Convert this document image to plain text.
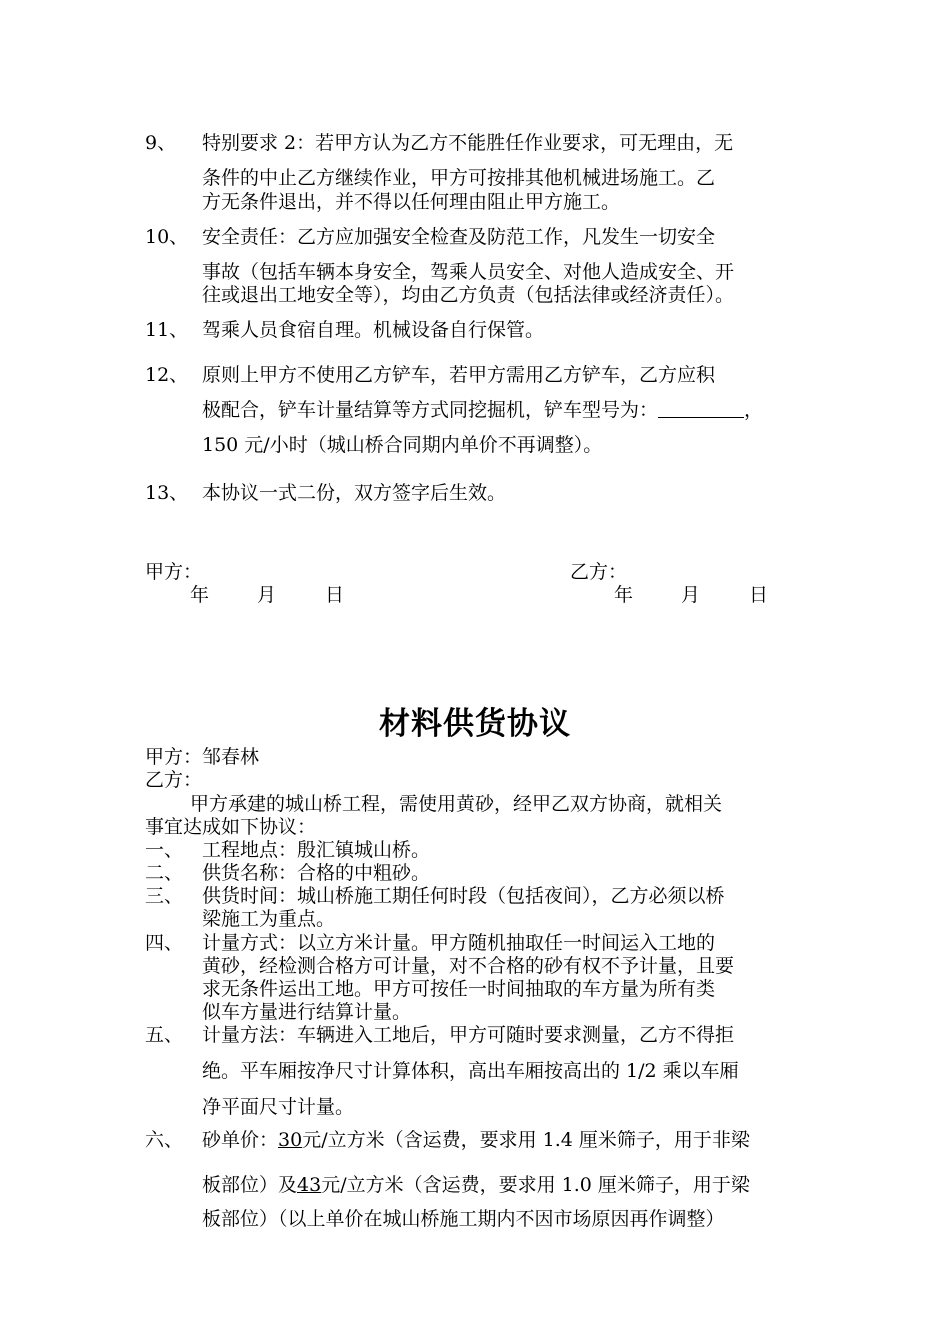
9、 特别要求 2：若甲方认为乙方不能胜任作业要求，可无理由，无
条件的中止乙方继续作业，甲方可按排其他机械进场施工。乙
方无条件退出，并不得以任何理由阻止甲方施工。
10、 安全责任：乙方应加强安全检查及防范工作，凡发生一切安全
事故（包括车辆本身安全，驾乘人员安全、对他人造成安全、开
往或退出工地安全等），均由乙方负责（包括法律或经济责任）。
11、 驾乘人员食宿自理。机械设备自行保管。
12、 原则上甲方不使用乙方铲车，若甲方需用乙方铲车，乙方应积
极配合，铲车计量结算等方式同挖掘机，铲车型号为：	，
150 元/小时（城山桥合同期内单价不再调整）。
13、 本协议一式二份，双方签字后生效。
甲方：
年	月	日
乙方：
年	月	日
材料供货协议
甲方：邹春林
乙方：
甲方承建的城山桥工程，需使用黄砂，经甲乙双方协商，就相关
事宜达成如下协议：
一、 工程地点：殷汇镇城山桥。
二、 供货名称：合格的中粗砂。
三、 供货时间：城山桥施工期任何时段（包括夜间），乙方必须以桥
梁施工为重点。
四、 计量方式：以立方米计量。甲方随机抽取任一时间运入工地的
黄砂，经检测合格方可计量，对不合格的砂有权不予计量，且要
求无条件运出工地。甲方可按任一时间抽取的车方量为所有类
似车方量进行结算计量。
五、 计量方法：车辆进入工地后，甲方可随时要求测量，乙方不得拒
绝。平车厢按净尺寸计算体积，高出车厢按高出的 1/2 乘以车厢
净平面尺寸计量。
六、 砂单价：30元/立方米（含运费，要求用 1.4 厘米筛子，用于非梁
板部位）及43元/立方米（含运费，要求用 1.0 厘米筛子，用于梁
板部位）（以上单价在城山桥施工期内不因市场原因再作调整）
